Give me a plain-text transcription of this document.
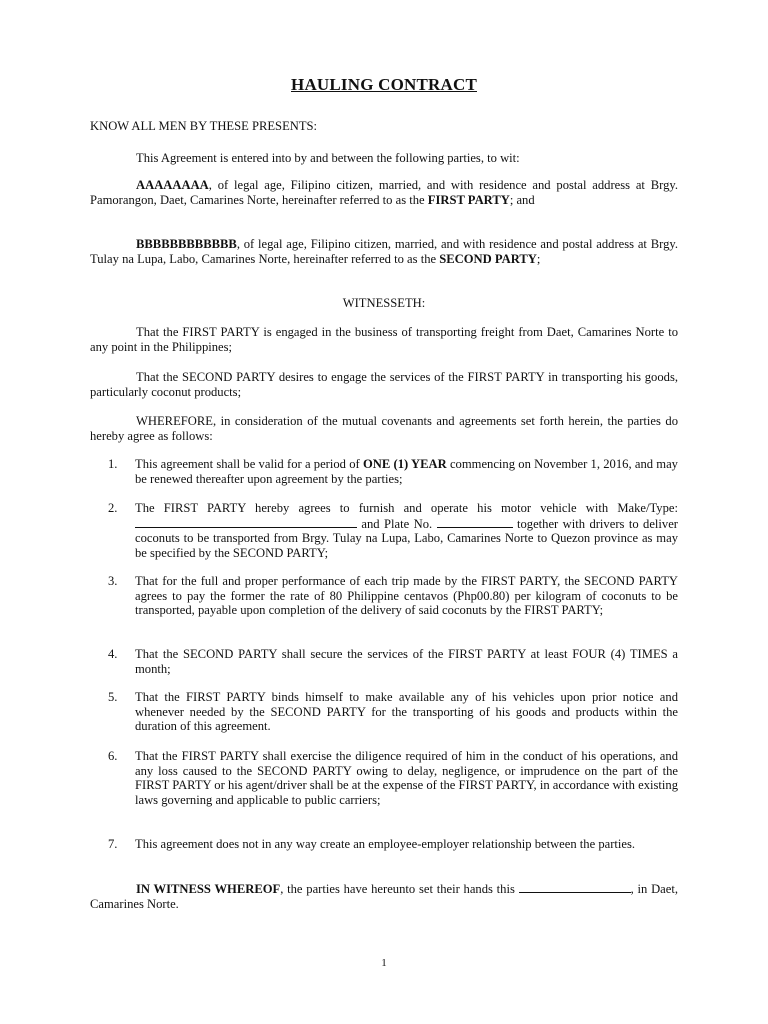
HAULING CONTRACT
KNOW ALL MEN BY THESE PRESENTS:
This Agreement is entered into by and between the following parties, to wit:
AAAAAAAA, of legal age, Filipino citizen, married, and with residence and postal address at Brgy. Pamorangon, Daet, Camarines Norte, hereinafter referred to as the FIRST PARTY; and
BBBBBBBBBBBB, of legal age, Filipino citizen, married, and with residence and postal address at Brgy. Tulay na Lupa, Labo, Camarines Norte, hereinafter referred to as the SECOND PARTY;
WITNESSETH:
That the FIRST PARTY is engaged in the business of transporting freight from Daet, Camarines Norte to any point in the Philippines;
That the SECOND PARTY desires to engage the services of the FIRST PARTY in transporting his goods, particularly coconut products;
WHEREFORE, in consideration of the mutual covenants and agreements set forth herein, the parties do hereby agree as follows:
1.	This agreement shall be valid for a period of ONE (1) YEAR commencing on November 1, 2016, and may be renewed thereafter upon agreement by the parties;
2.	The FIRST PARTY hereby agrees to furnish and operate his motor vehicle with Make/Type:  and Plate No.	together with drivers to deliver coconuts to be transported from Brgy. Tulay na Lupa, Labo, Camarines Norte to Quezon province as may be specified by the SECOND PARTY;
3.	That for the full and proper performance of each trip made by the FIRST PARTY, the SECOND PARTY agrees to pay the former the rate of 80 Philippine centavos (Php00.80) per kilogram of coconuts to be transported, payable upon completion of the delivery of said coconuts by the FIRST PARTY;
4.	That the SECOND PARTY shall secure the services of the FIRST PARTY at least FOUR (4) TIMES a month;
5.	That the FIRST PARTY binds himself to make available any of his vehicles upon prior notice and whenever needed by the SECOND PARTY for the transporting of his goods and products within the duration of this agreement.
6.	That the FIRST PARTY shall exercise the diligence required of him in the conduct of his operations, and any loss caused to the SECOND PARTY owing to delay, negligence, or imprudence on the part of the FIRST PARTY or his agent/driver shall be at the expense of the FIRST PARTY, in accordance with existing laws governing and applicable to public carriers;
7.	This agreement does not in any way create an employee-employer relationship between the parties.
IN WITNESS WHEREOF, the parties have hereunto set their hands this	, in Daet, Camarines Norte.
1
